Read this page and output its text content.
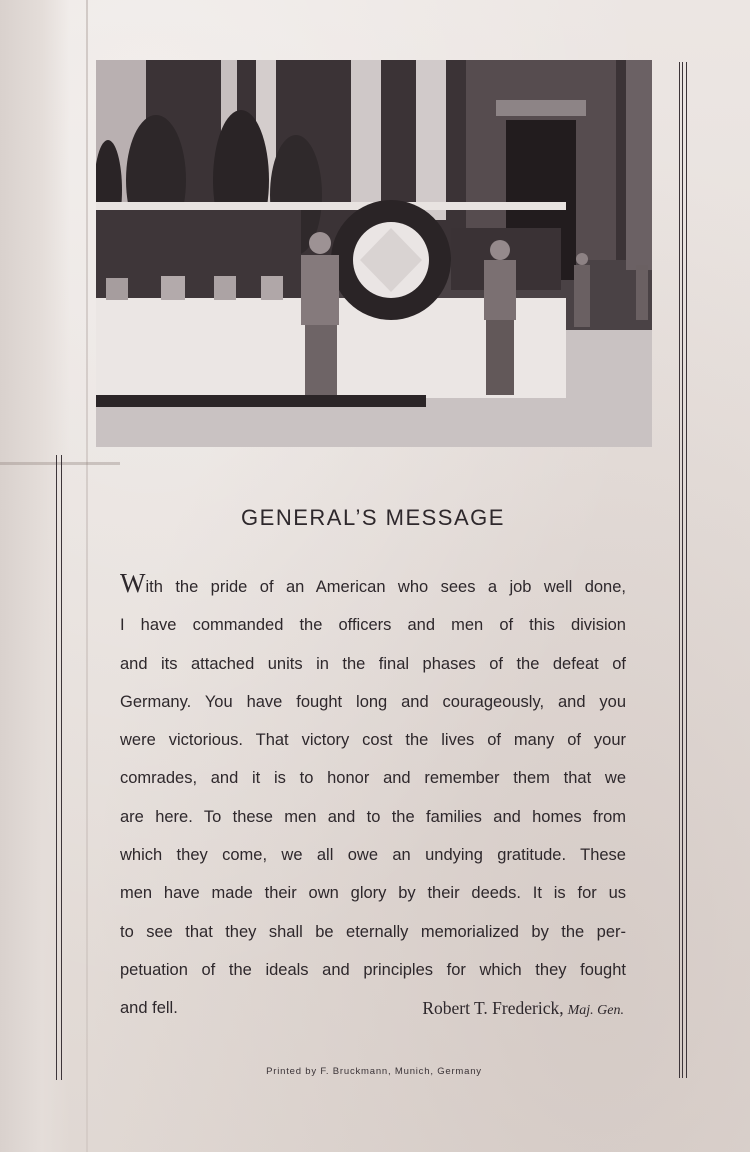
GENERAL’S MESSAGE
With the pride of an American who sees a job well done,
I have commanded the officers and men of this division
and its attached units in the final phases of the defeat of
Germany. You have fought long and courageously, and you
were victorious. That victory cost the lives of many of your
comrades, and it is to honor and remember them that we
are here. To these men and to the families and homes from
which they come, we all owe an undying gratitude. These
men have made their own glory by their deeds. It is for us
to see that they shall be eternally memorialized by the per-
petuation of the ideals and principles for which they fought
and fell.	Robert T. Frederick, Maj. Gen.
Printed by F. Bruckmann, Munich, Germany
